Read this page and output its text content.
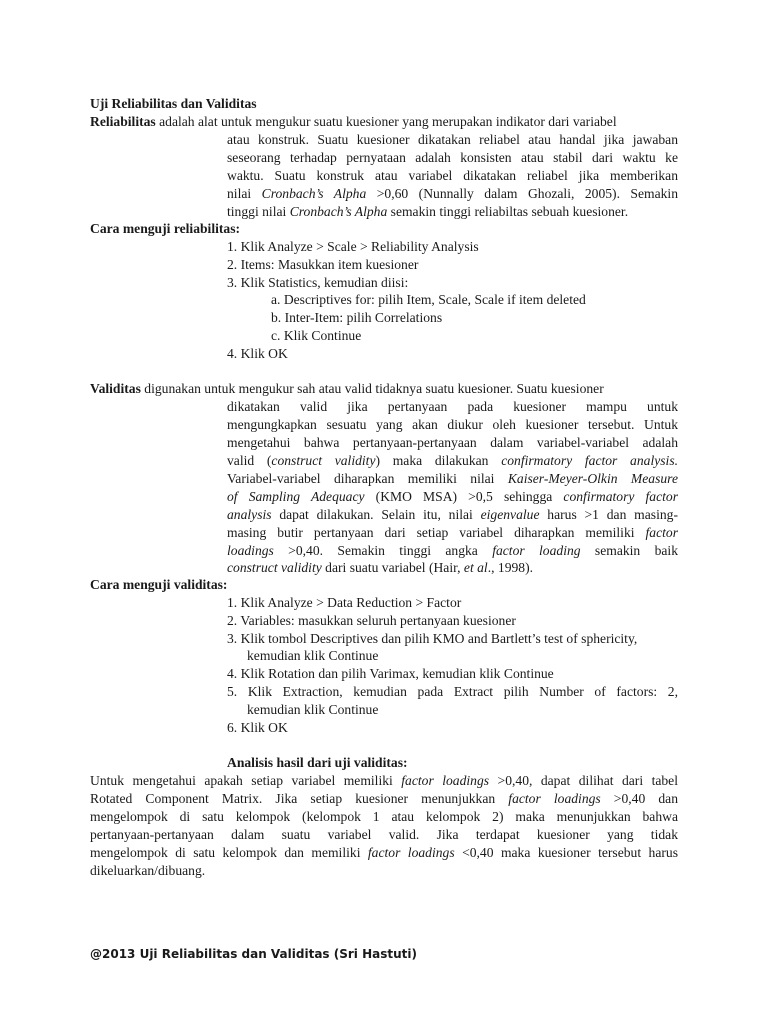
Uji Reliabilitas dan Validitas
Reliabilitas adalah alat untuk mengukur suatu kuesioner yang merupakan indikator dari variabel
atau konstruk. Suatu kuesioner dikatakan reliabel atau handal jika jawaban
seseorang terhadap pernyataan adalah konsisten atau stabil dari waktu ke
waktu. Suatu konstruk atau variabel dikatakan reliabel jika memberikan
nilai Cronbach’s Alpha >0,60 (Nunnally dalam Ghozali, 2005). Semakin
tinggi nilai Cronbach’s Alpha semakin tinggi reliabiltas sebuah kuesioner.
Cara menguji reliabilitas:
1. Klik Analyze > Scale > Reliability Analysis
2. Items: Masukkan item kuesioner
3. Klik Statistics, kemudian diisi:
a. Descriptives for: pilih Item, Scale, Scale if item deleted
b. Inter-Item: pilih Correlations
c. Klik Continue
4. Klik OK
Validitas digunakan untuk mengukur sah atau valid tidaknya suatu kuesioner. Suatu kuesioner
dikatakan valid jika pertanyaan pada kuesioner mampu untuk
mengungkapkan sesuatu yang akan diukur oleh kuesioner tersebut. Untuk
mengetahui bahwa pertanyaan-pertanyaan dalam variabel-variabel adalah
valid (construct validity) maka dilakukan confirmatory factor analysis.
Variabel-variabel diharapkan memiliki nilai Kaiser-Meyer-Olkin Measure
of Sampling Adequacy (KMO MSA) >0,5 sehingga confirmatory factor
analysis dapat dilakukan. Selain itu, nilai eigenvalue harus >1 dan masing-
masing butir pertanyaan dari setiap variabel diharapkan memiliki factor
loadings >0,40. Semakin tinggi angka factor loading semakin baik
construct validity dari suatu variabel (Hair, et al., 1998).
Cara menguji validitas:
1. Klik Analyze > Data Reduction > Factor
2. Variables: masukkan seluruh pertanyaan kuesioner
3. Klik tombol Descriptives dan pilih KMO and Bartlett’s test of sphericity,
kemudian klik Continue
4. Klik Rotation dan pilih Varimax, kemudian klik Continue
5. Klik Extraction, kemudian pada Extract pilih Number of factors: 2,
kemudian klik Continue
6. Klik OK
Analisis hasil dari uji validitas:
Untuk mengetahui apakah setiap variabel memiliki factor loadings >0,40, dapat dilihat dari tabel
Rotated Component Matrix. Jika setiap kuesioner menunjukkan factor loadings >0,40 dan
mengelompok di satu kelompok (kelompok 1 atau kelompok 2) maka menunjukkan bahwa
pertanyaan-pertanyaan dalam suatu variabel valid. Jika terdapat kuesioner yang tidak
mengelompok di satu kelompok dan memiliki factor loadings <0,40 maka kuesioner tersebut harus
dikeluarkan/dibuang.
@2013 Uji Reliabilitas dan Validitas (Sri Hastuti)
